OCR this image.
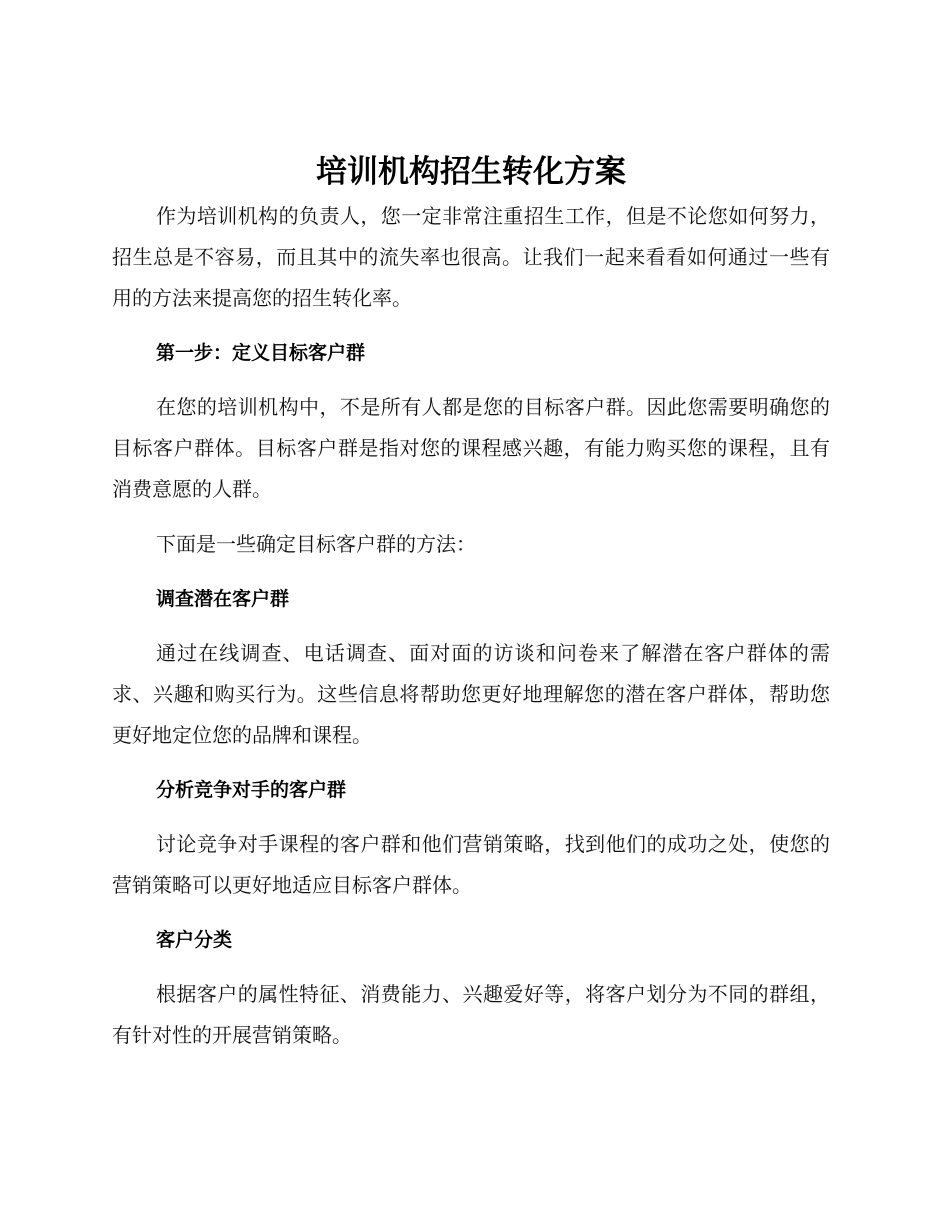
培训机构招生转化方案

作为培训机构的负责人，您一定非常注重招生工作，但是不论您如何努力，招生总是不容易，而且其中的流失率也很高。让我们一起来看看如何通过一些有用的方法来提高您的招生转化率。

第一步：定义目标客户群

在您的培训机构中，不是所有人都是您的目标客户群。因此您需要明确您的目标客户群体。目标客户群是指对您的课程感兴趣，有能力购买您的课程，且有消费意愿的人群。

下面是一些确定目标客户群的方法：

调查潜在客户群

通过在线调查、电话调查、面对面的访谈和问卷来了解潜在客户群体的需求、兴趣和购买行为。这些信息将帮助您更好地理解您的潜在客户群体，帮助您更好地定位您的品牌和课程。

分析竞争对手的客户群

讨论竞争对手课程的客户群和他们营销策略，找到他们的成功之处，使您的营销策略可以更好地适应目标客户群体。

客户分类

根据客户的属性特征、消费能力、兴趣爱好等，将客户划分为不同的群组，有针对性的开展营销策略。
